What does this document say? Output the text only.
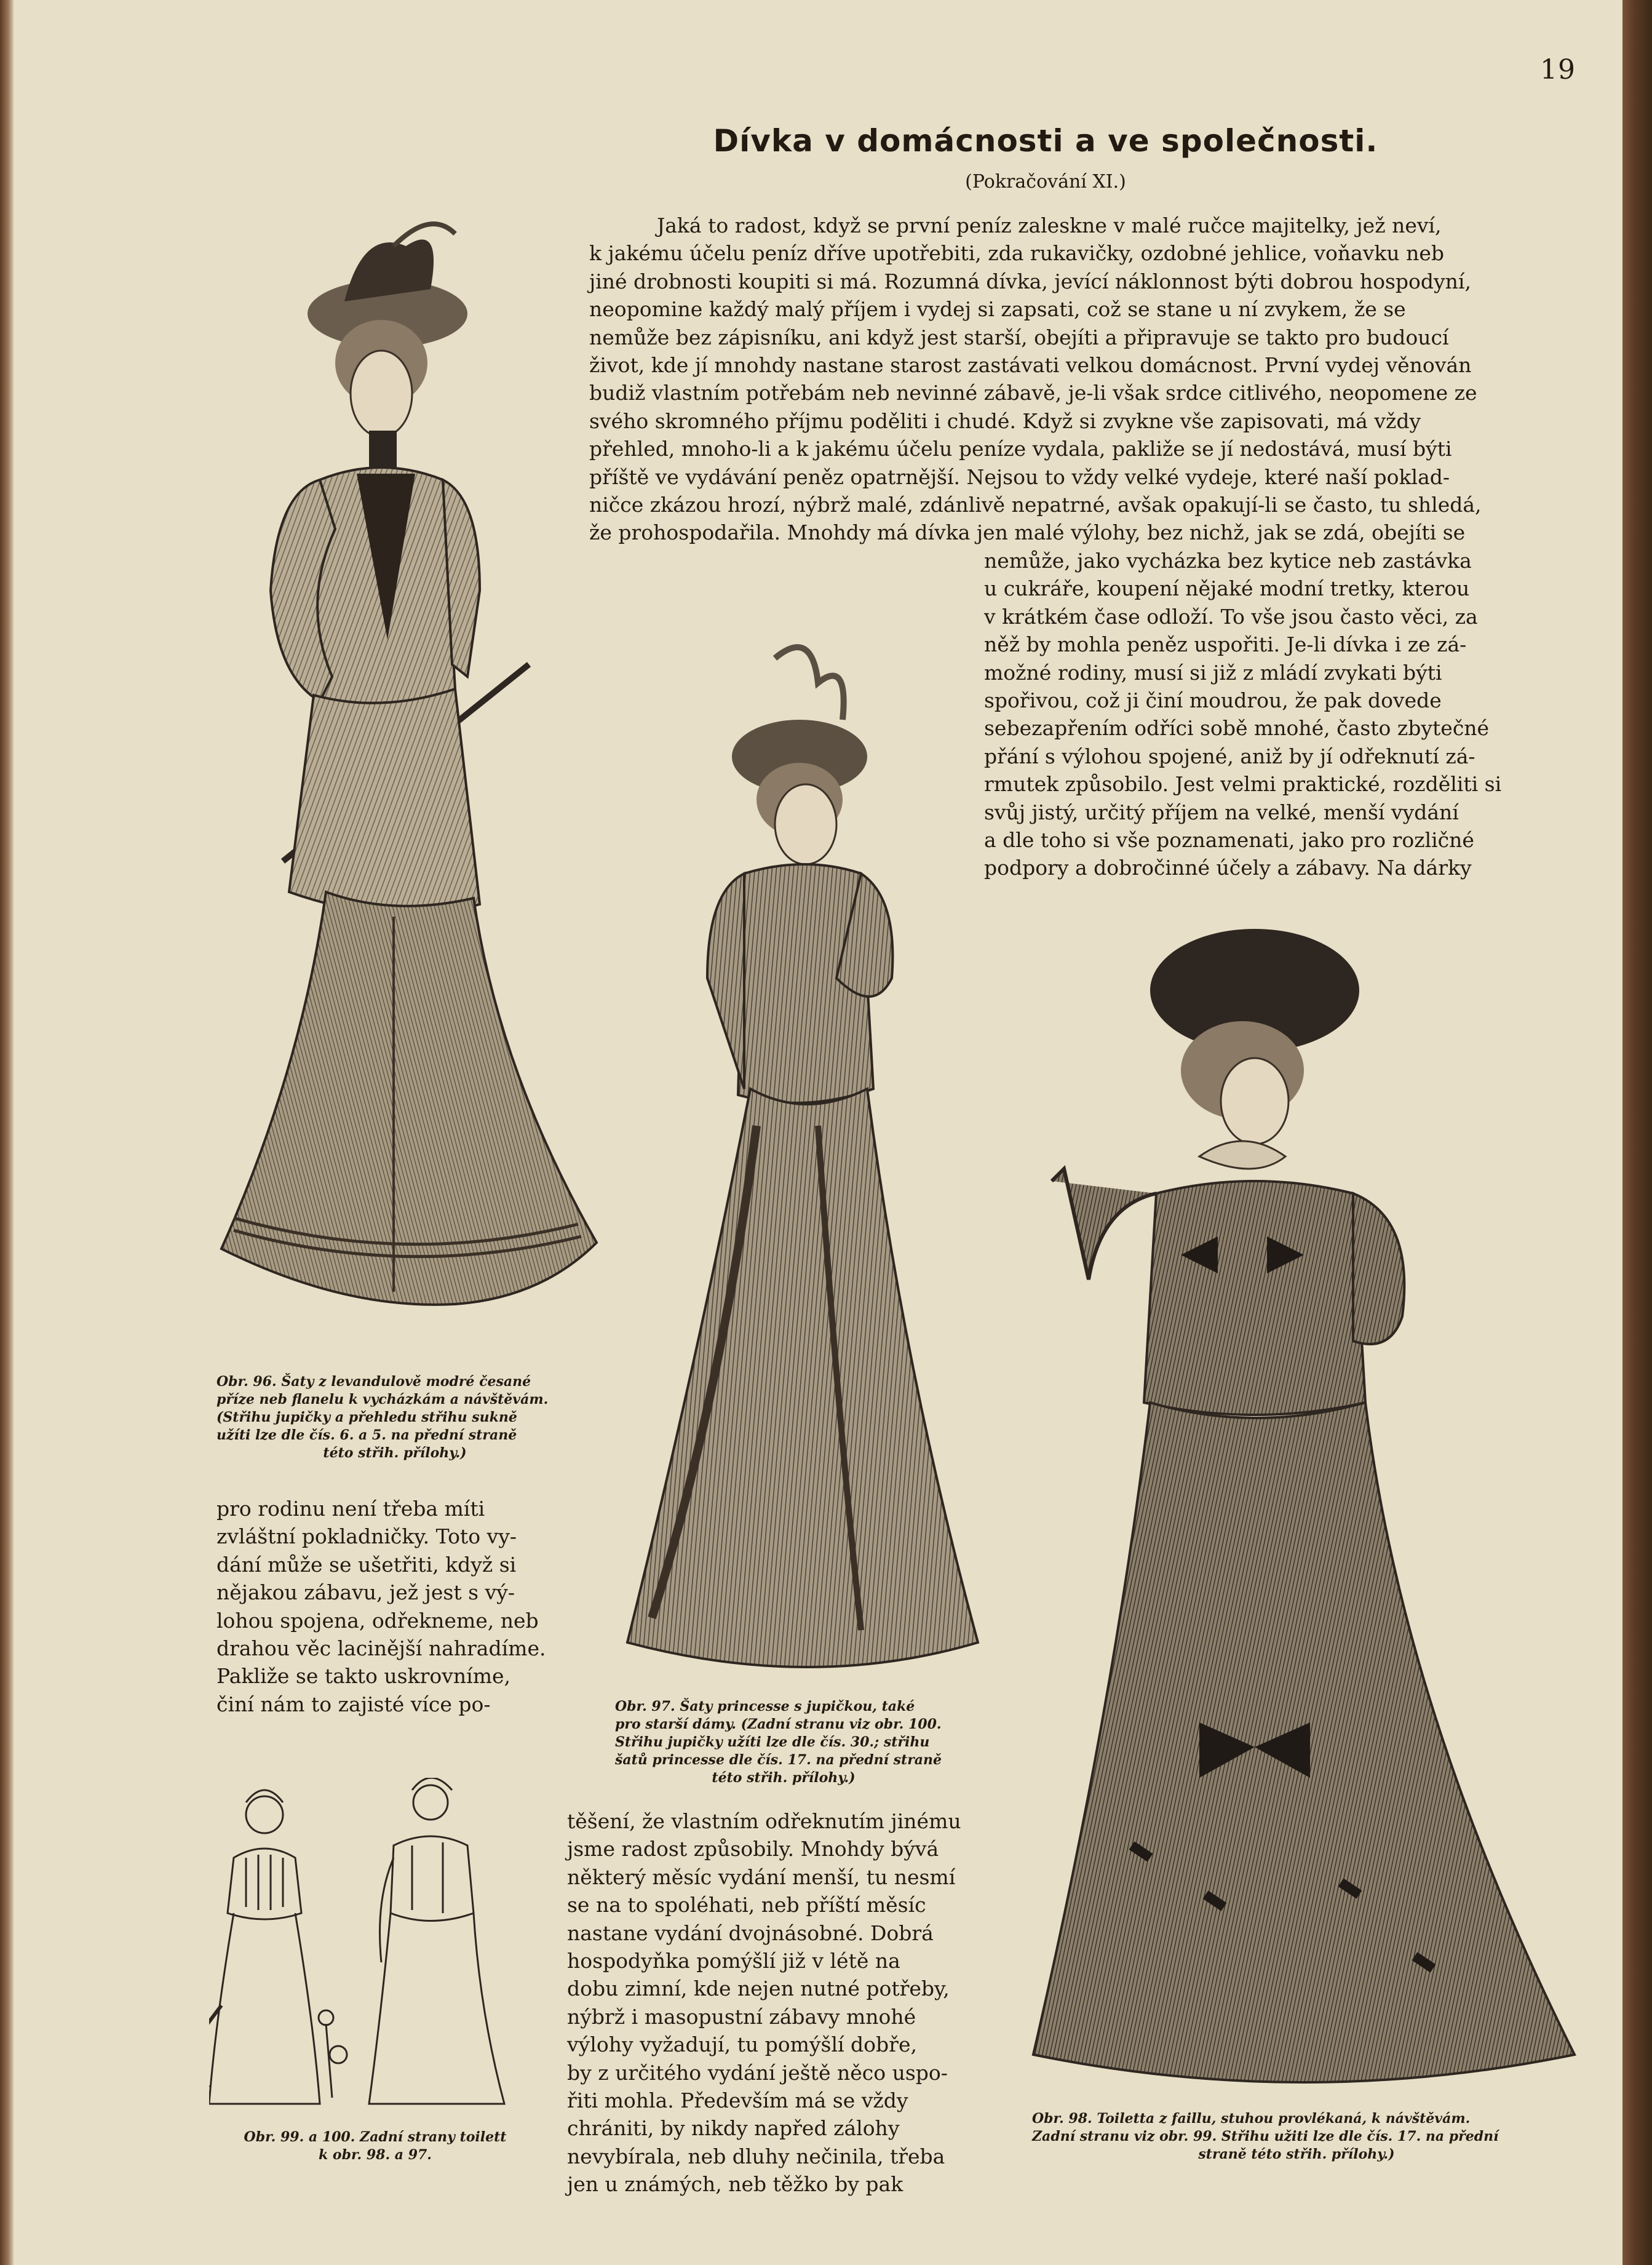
19
Dívka v domácnosti a ve společnosti.
(Pokračování XI.)
Jaká to radost, když se první peníz zaleskne v malé ručce majitelky, jež neví,
k jakému účelu peníz dříve upotřebiti, zda rukavičky, ozdobné jehlice, voňavku neb
jiné drobnosti koupiti si má. Rozumná dívka, jevící náklonnost býti dobrou hospodyní,
neopomine každý malý příjem i vydej si zapsati, což se stane u ní zvykem, že se
nemůže bez zápisníku, ani když jest starší, obejíti a připravuje se takto pro budoucí
život, kde jí mnohdy nastane starost zastávati velkou domácnost. První vydej věnován
budiž vlastním potřebám neb nevinné zábavě, je-li však srdce citlivého, neopomene ze
svého skromného příjmu poděliti i chudé. Když si zvykne vše zapisovati, má vždy
přehled, mnoho-li a k jakému účelu peníze vydala, pakliže se jí nedostává, musí býti
příště ve vydávání peněz opatrnější. Nejsou to vždy velké vydeje, které naší poklad-
ničce zkázou hrozí, nýbrž malé, zdánlivě nepatrné, avšak opakují-li se často, tu shledá,
že prohospodařila. Mnohdy má dívka jen malé výlohy, bez nichž, jak se zdá, obejíti se
nemůže, jako vycházka bez kytice neb zastávka
u cukráře, koupení nějaké modní tretky, kterou
v krátkém čase odloží. To vše jsou často věci, za
něž by mohla peněz uspořiti. Je-li dívka i ze zá-
možné rodiny, musí si již z mládí zvykati býti
spořivou, což ji činí moudrou, že pak dovede
sebezapřením odříci sobě mnohé, často zbytečné
přání s výlohou spojené, aniž by jí odřeknutí zá-
rmutek způsobilo. Jest velmi praktické, rozděliti si
svůj jistý, určitý příjem na velké, menší vydání
a dle toho si vše poznamenati, jako pro rozličné
podpory a dobročinné účely a zábavy. Na dárky
pro rodinu není třeba míti
zvláštní pokladničky. Toto vy-
dání může se ušetřiti, když si
nějakou zábavu, jež jest s vý-
lohou spojena, odřekneme, neb
drahou věc lacinější nahradíme.
Pakliže se takto uskrovníme,
činí nám to zajisté více po-
těšení, že vlastním odřeknutím jinému
jsme radost způsobily. Mnohdy bývá
některý měsíc vydání menší, tu nesmí
se na to spoléhati, neb příští měsíc
nastane vydání dvojnásobné. Dobrá
hospodyňka pomýšlí již v létě na
dobu zimní, kde nejen nutné potřeby,
nýbrž i masopustní zábavy mnohé
výlohy vyžadují, tu pomýšlí dobře,
by z určitého vydání ještě něco uspo-
řiti mohla. Především má se vždy
chrániti, by nikdy napřed zálohy
nevybírala, neb dluhy nečinila, třeba
jen u známých, neb těžko by pak
Obr. 96. Šaty z levandulově modré česané
příze neb flanelu k vycházkám a návštěvám.
(Střihu jupičky a přehledu střihu sukně
užíti lze dle čís. 6. a 5. na přední straně
této střih. přílohy.)
Obr. 97. Šaty princesse s jupičkou, také
pro starší dámy. (Zadní stranu viz obr. 100.
Střihu jupičky užíti lze dle čís. 30.; střihu
šatů princesse dle čís. 17. na přední straně
této střih. přílohy.)
Obr. 98. Toiletta z faillu, stuhou provlékaná, k návštěvám.
Zadní stranu viz obr. 99. Střihu užiti lze dle čís. 17. na přední
straně této střih. přílohy.)
Obr. 99. a 100. Zadní strany toilett
k obr. 98. a 97.
